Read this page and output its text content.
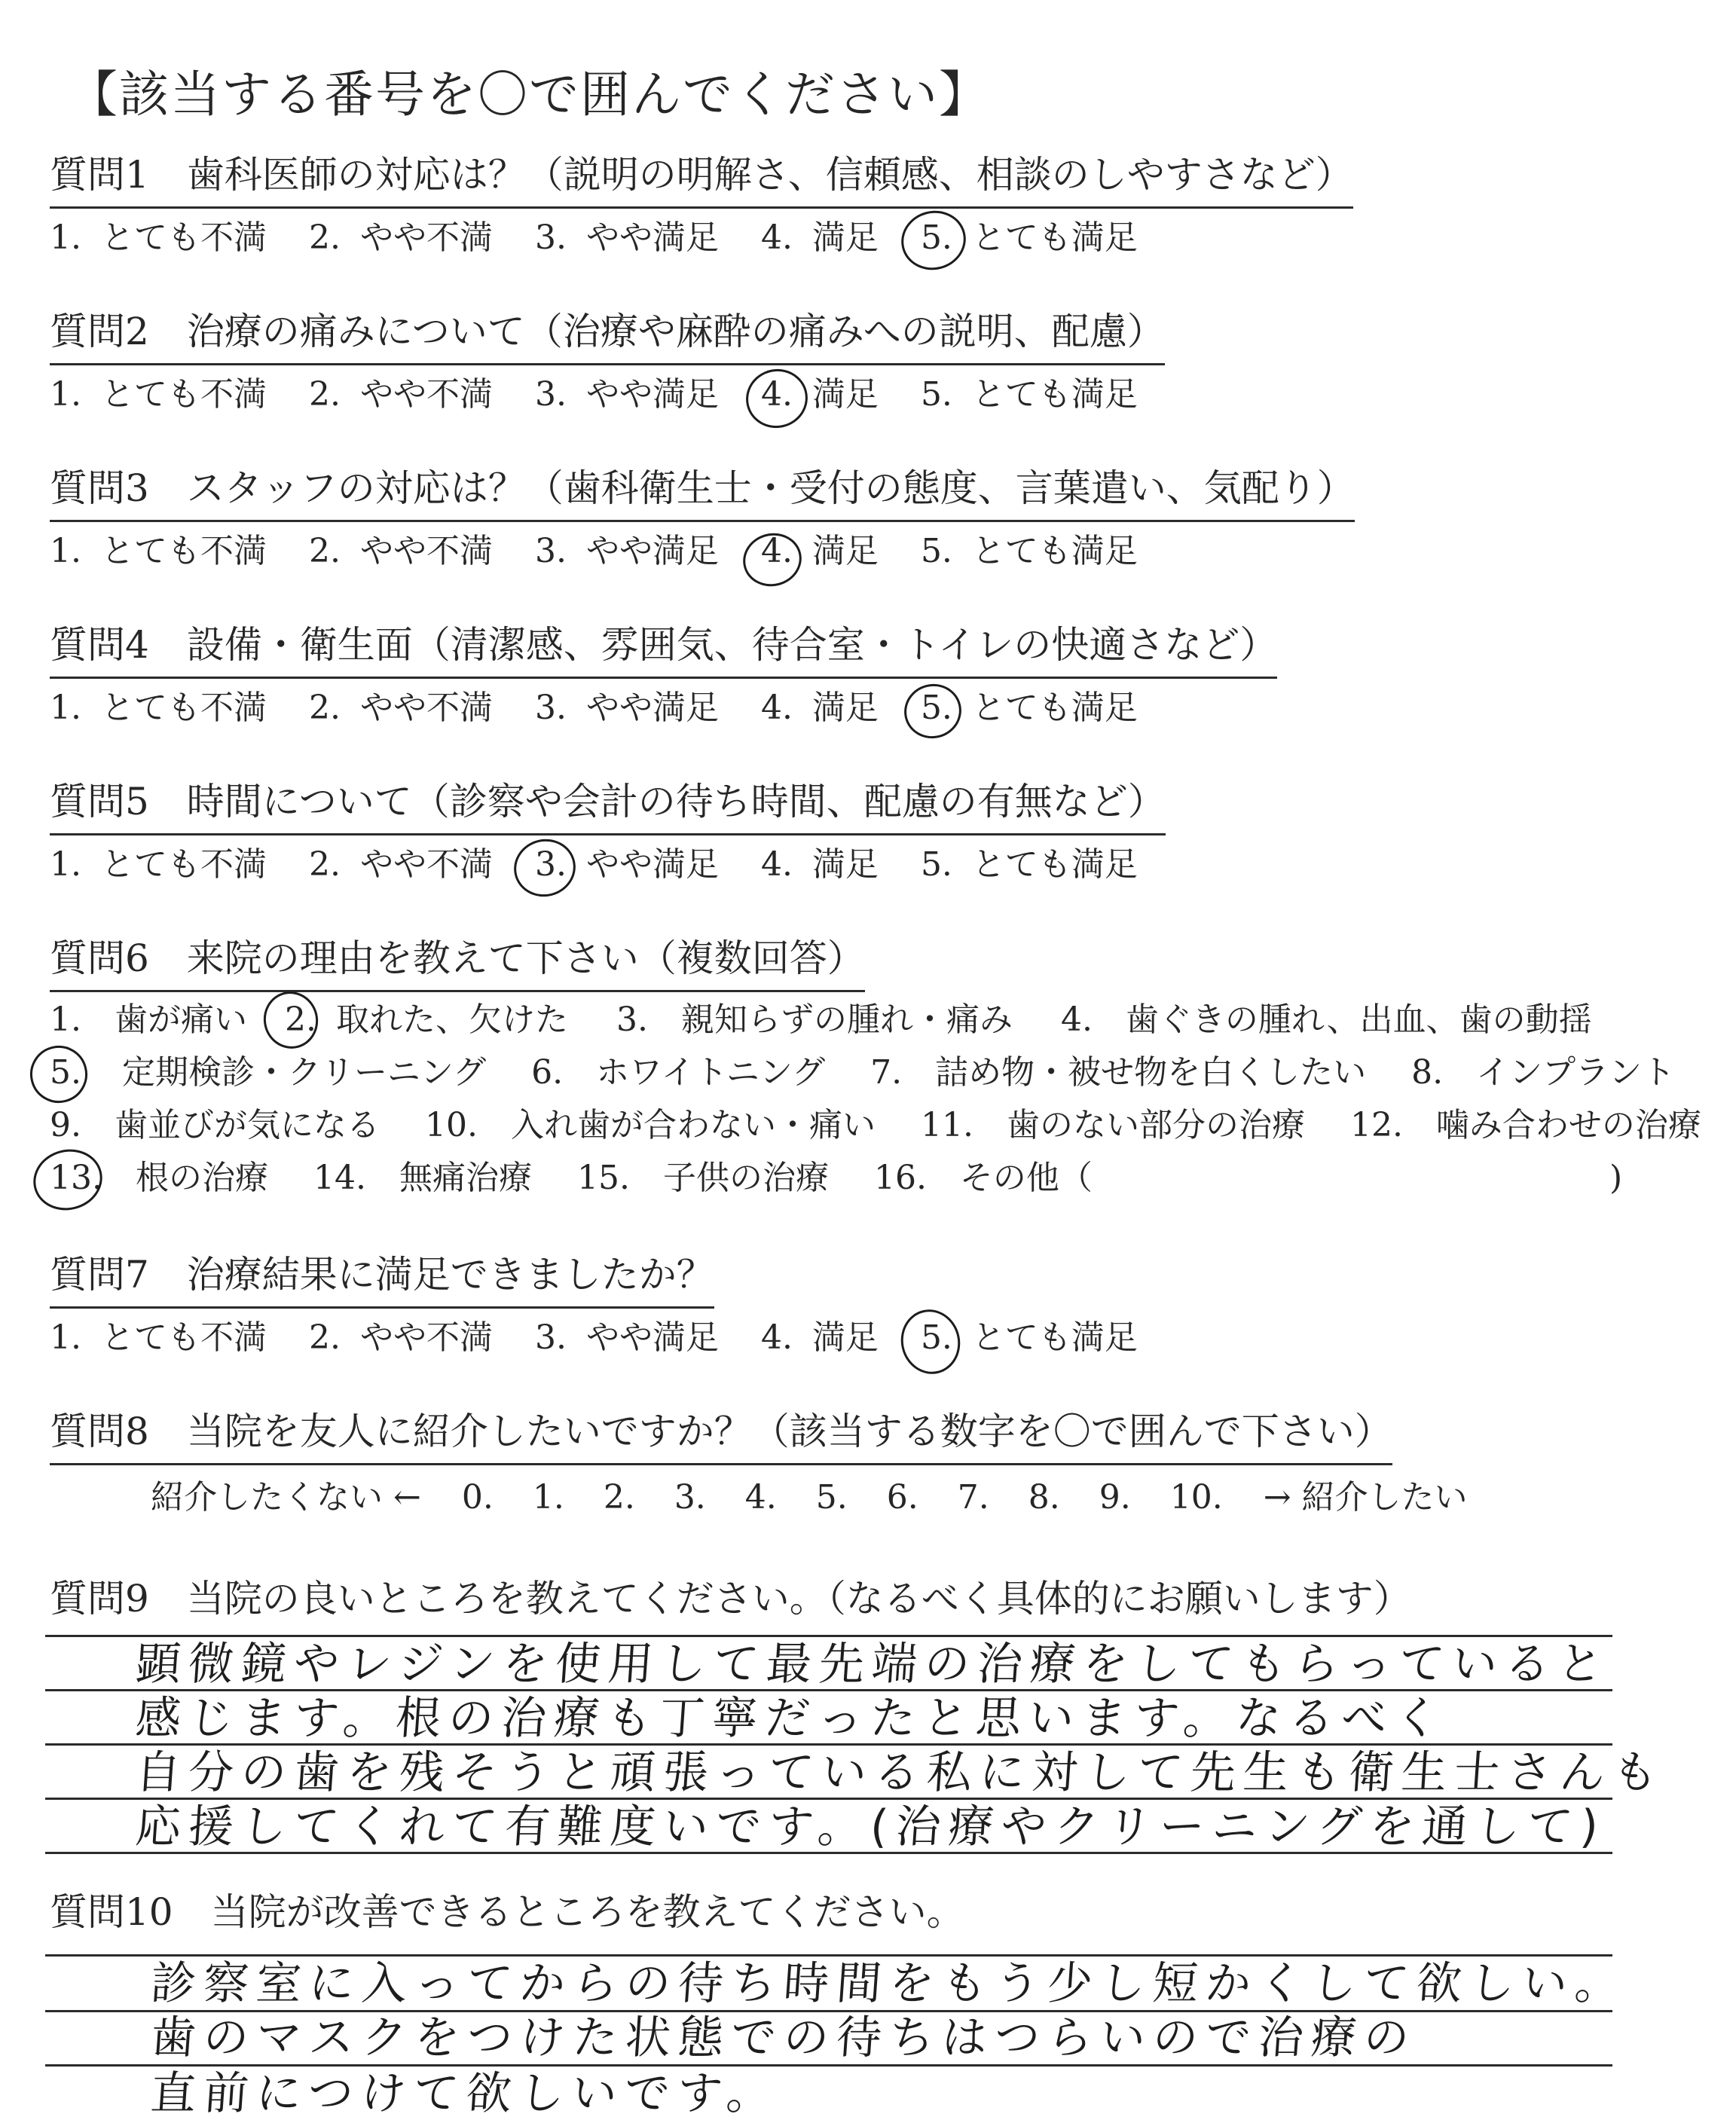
【該当する番号を〇で囲んでください】
質問1　歯科医師の対応は？（説明の明解さ、信頼感、相談のしやすさなど）
1. とても不満 2. やや不満 3. やや満足 4. 満足 5. とても満足
質問2　治療の痛みについて（治療や麻酔の痛みへの説明、配慮）
1. とても不満 2. やや不満 3. やや満足 4. 満足 5. とても満足
質問3　スタッフの対応は？（歯科衛生士・受付の態度、言葉遣い、気配り）
1. とても不満 2. やや不満 3. やや満足 4. 満足 5. とても満足
質問4　設備・衛生面（清潔感、雰囲気、待合室・トイレの快適さなど）
1. とても不満 2. やや不満 3. やや満足 4. 満足 5. とても満足
質問5　時間について（診察や会計の待ち時間、配慮の有無など）
1. とても不満 2. やや不満 3. やや満足 4. 満足 5. とても満足
質問6　来院の理由を教えて下さい（複数回答）
1.　歯が痛い 2. 取れた、欠けた 3.　親知らずの腫れ・痛み 4.　歯ぐきの腫れ、出血、歯の動揺
5. 定期検診・クリーニング 6.　ホワイトニング 7.　詰め物・被せ物を白くしたい 8.　インプラント
9.　歯並びが気になる 10.　入れ歯が合わない・痛い 11.　歯のない部分の治療 12.　噛み合わせの治療
13. 根の治療 14.　無痛治療 15.　子供の治療 16.　その他（	)
質問7　治療結果に満足できましたか？
1. とても不満 2. やや不満 3. やや満足 4. 満足 5. とても満足
質問8　当院を友人に紹介したいですか？（該当する数字を〇で囲んで下さい）
紹介したくない ← 0. 1. 2. 3. 4. 5. 6. 7. 8. 9. 10. → 紹介したい
質問9　当院の良いところを教えてください。（なるべく具体的にお願いします）
顕微鏡やレジンを使用して最先端の治療をしてもらっていると
感じます。根の治療も丁寧だったと思います。なるべく
自分の歯を残そうと頑張っている私に対して先生も衛生士さんも
応援してくれて有難度いです。(治療やクリーニングを通して)
質問10　当院が改善できるところを教えてください。
診察室に入ってからの待ち時間をもう少し短かくして欲しい。
歯のマスクをつけた状態での待ちはつらいので治療の
直前につけて欲しいです。
